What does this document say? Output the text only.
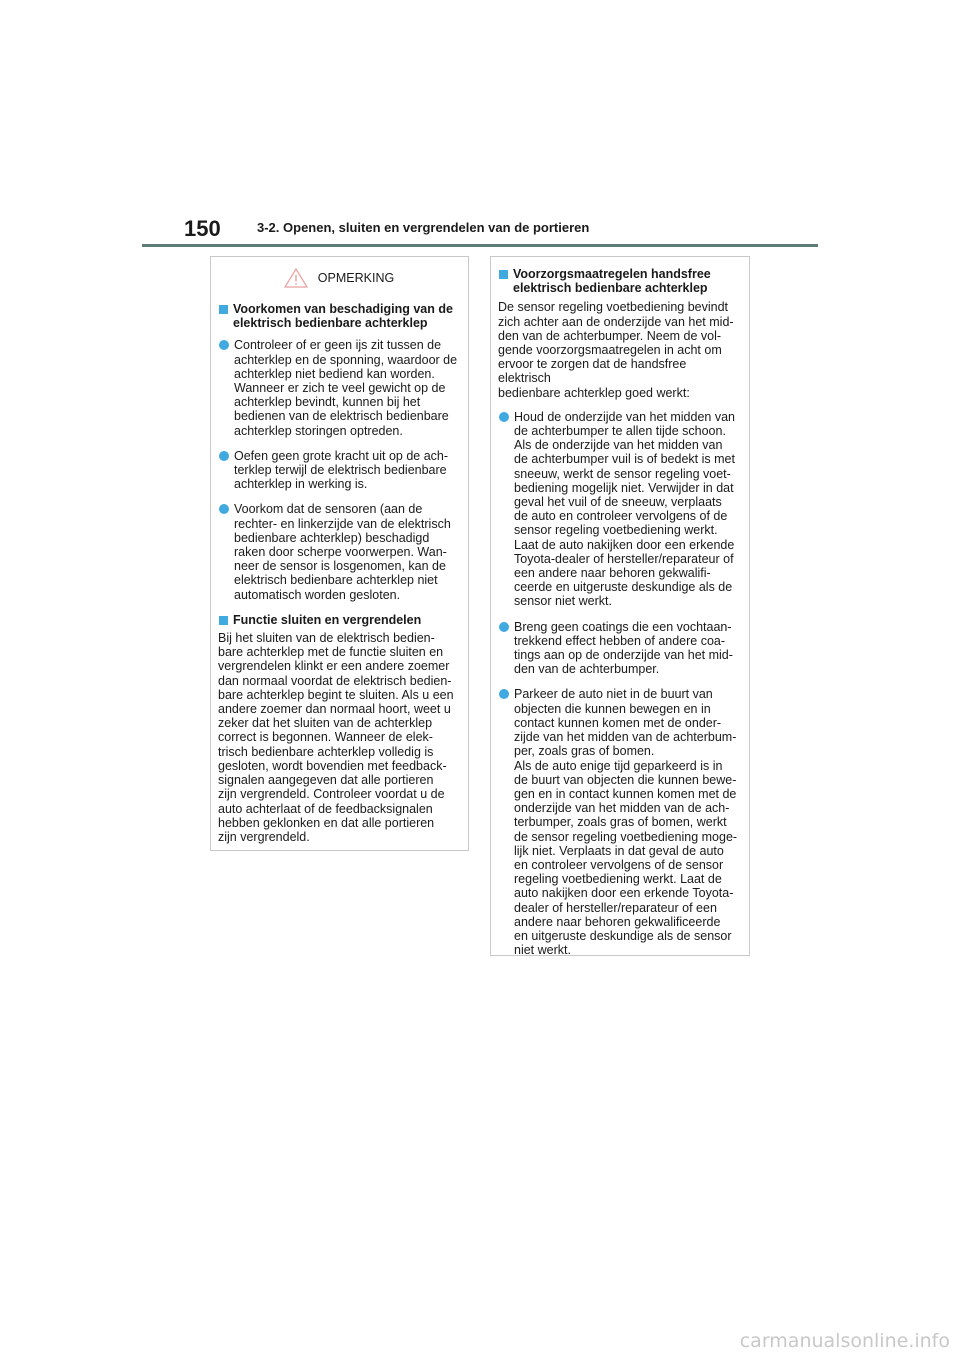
150	3-2. Openen, sluiten en vergrendelen van de portieren
OPMERKING
Voorkomen van beschadiging van de elektrisch bedienbare achterklep
Controleer of er geen ijs zit tussen de
achterklep en de sponning, waardoor de
achterklep niet bediend kan worden.
Wanneer er zich te veel gewicht op de
achterklep bevindt, kunnen bij het
bedienen van de elektrisch bedienbare
achterklep storingen optreden.
Oefen geen grote kracht uit op de ach-
terklep terwijl de elektrisch bedienbare
achterklep in werking is.
Voorkom dat de sensoren (aan de
rechter- en linkerzijde van de elektrisch
bedienbare achterklep) beschadigd
raken door scherpe voorwerpen. Wan-
neer de sensor is losgenomen, kan de
elektrisch bedienbare achterklep niet
automatisch worden gesloten.
Functie sluiten en vergrendelen
Bij het sluiten van de elektrisch bedien-
bare achterklep met de functie sluiten en
vergrendelen klinkt er een andere zoemer
dan normaal voordat de elektrisch bedien-
bare achterklep begint te sluiten. Als u een
andere zoemer dan normaal hoort, weet u
zeker dat het sluiten van de achterklep
correct is begonnen. Wanneer de elek-
trisch bedienbare achterklep volledig is
gesloten, wordt bovendien met feedback-
signalen aangegeven dat alle portieren
zijn vergrendeld. Controleer voordat u de
auto achterlaat of de feedbacksignalen
hebben geklonken en dat alle portieren
zijn vergrendeld.
Voorzorgsmaatregelen handsfree
elektrisch bedienbare achterklep
De sensor regeling voetbediening bevindt
zich achter aan de onderzijde van het mid-
den van de achterbumper. Neem de vol-
gende voorzorgsmaatregelen in acht om
ervoor te zorgen dat de handsfree elektrisch
bedienbare achterklep goed werkt:
Houd de onderzijde van het midden van
de achterbumper te allen tijde schoon.
Als de onderzijde van het midden van
de achterbumper vuil is of bedekt is met
sneeuw, werkt de sensor regeling voet-
bediening mogelijk niet. Verwijder in dat
geval het vuil of de sneeuw, verplaats
de auto en controleer vervolgens of de
sensor regeling voetbediening werkt.
Laat de auto nakijken door een erkende
Toyota-dealer of hersteller/reparateur of
een andere naar behoren gekwalifi-
ceerde en uitgeruste deskundige als de
sensor niet werkt.
Breng geen coatings die een vochtaan-
trekkend effect hebben of andere coa-
tings aan op de onderzijde van het mid-
den van de achterbumper.
Parkeer de auto niet in de buurt van
objecten die kunnen bewegen en in
contact kunnen komen met de onder-
zijde van het midden van de achterbum-
per, zoals gras of bomen.
Als de auto enige tijd geparkeerd is in
de buurt van objecten die kunnen bewe-
gen en in contact kunnen komen met de
onderzijde van het midden van de ach-
terbumper, zoals gras of bomen, werkt
de sensor regeling voetbediening moge-
lijk niet. Verplaats in dat geval de auto
en controleer vervolgens of de sensor
regeling voetbediening werkt. Laat de
auto nakijken door een erkende Toyota-
dealer of hersteller/reparateur of een
andere naar behoren gekwalificeerde
en uitgeruste deskundige als de sensor
niet werkt.
carmanualsonline.info
